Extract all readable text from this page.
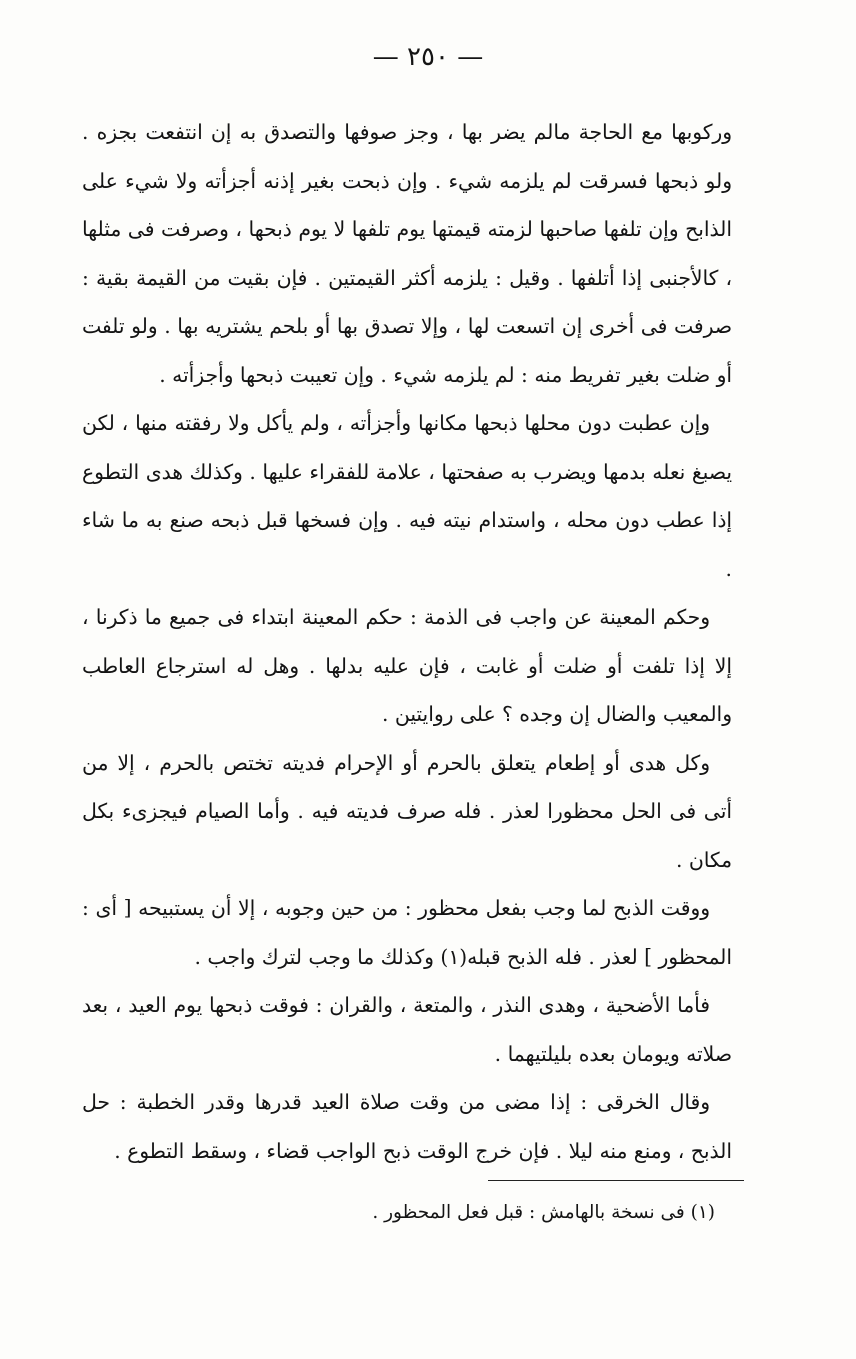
— ٢٥٠ —

وركوبها مع الحاجة مالم يضر بها ، وجز صوفها والتصدق به إن انتفعت بجزه . ولو ذبحها فسرقت لم يلزمه شيء . وإن ذبحت بغير إذنه أجزأته ولا شيء على الذابح وإن تلفها صاحبها لزمته قيمتها يوم تلفها لا يوم ذبحها ، وصرفت فى مثلها ، كالأجنبى إذا أتلفها . وقيل : يلزمه أكثر القيمتين . فإن بقيت من القيمة بقية : صرفت فى أخرى إن اتسعت لها ، وإلا تصدق بها أو بلحم يشتريه بها . ولو تلفت أو ضلت بغير تفريط منه : لم يلزمه شيء . وإن تعيبت ذبحها وأجزأته .

وإن عطبت دون محلها ذبحها مكانها وأجزأته ، ولم يأكل ولا رفقته منها ، لكن يصبغ نعله بدمها ويضرب به صفحتها ، علامة للفقراء عليها . وكذلك هدى التطوع إذا عطب دون محله ، واستدام نيته فيه . وإن فسخها قبل ذبحه صنع به ما شاء .

وحكم المعينة عن واجب فى الذمة : حكم المعينة ابتداء فى جميع ما ذكرنا ، إلا إذا تلفت أو ضلت أو غابت ، فإن عليه بدلها . وهل له استرجاع العاطب والمعيب والضال إن وجده ؟ على روايتين .

وكل هدى أو إطعام يتعلق بالحرم أو الإحرام فديته تختص بالحرم ، إلا من أتى فى الحل محظورا لعذر . فله صرف فديته فيه . وأما الصيام فيجزىء بكل مكان .

ووقت الذبح لما وجب بفعل محظور : من حين وجوبه ، إلا أن يستبيحه [ أى : المحظور ] لعذر . فله الذبح قبله(١) وكذلك ما وجب لترك واجب .

فأما الأضحية ، وهدى النذر ، والمتعة ، والقران : فوقت ذبحها يوم العيد ، بعد صلاته ويومان بعده بليلتيهما .

وقال الخرقى : إذا مضى من وقت صلاة العيد قدرها وقدر الخطبة : حل الذبح ، ومنع منه ليلا . فإن خرج الوقت ذبح الواجب قضاء ، وسقط التطوع .

(١) فى نسخة بالهامش : قبل فعل المحظور .
